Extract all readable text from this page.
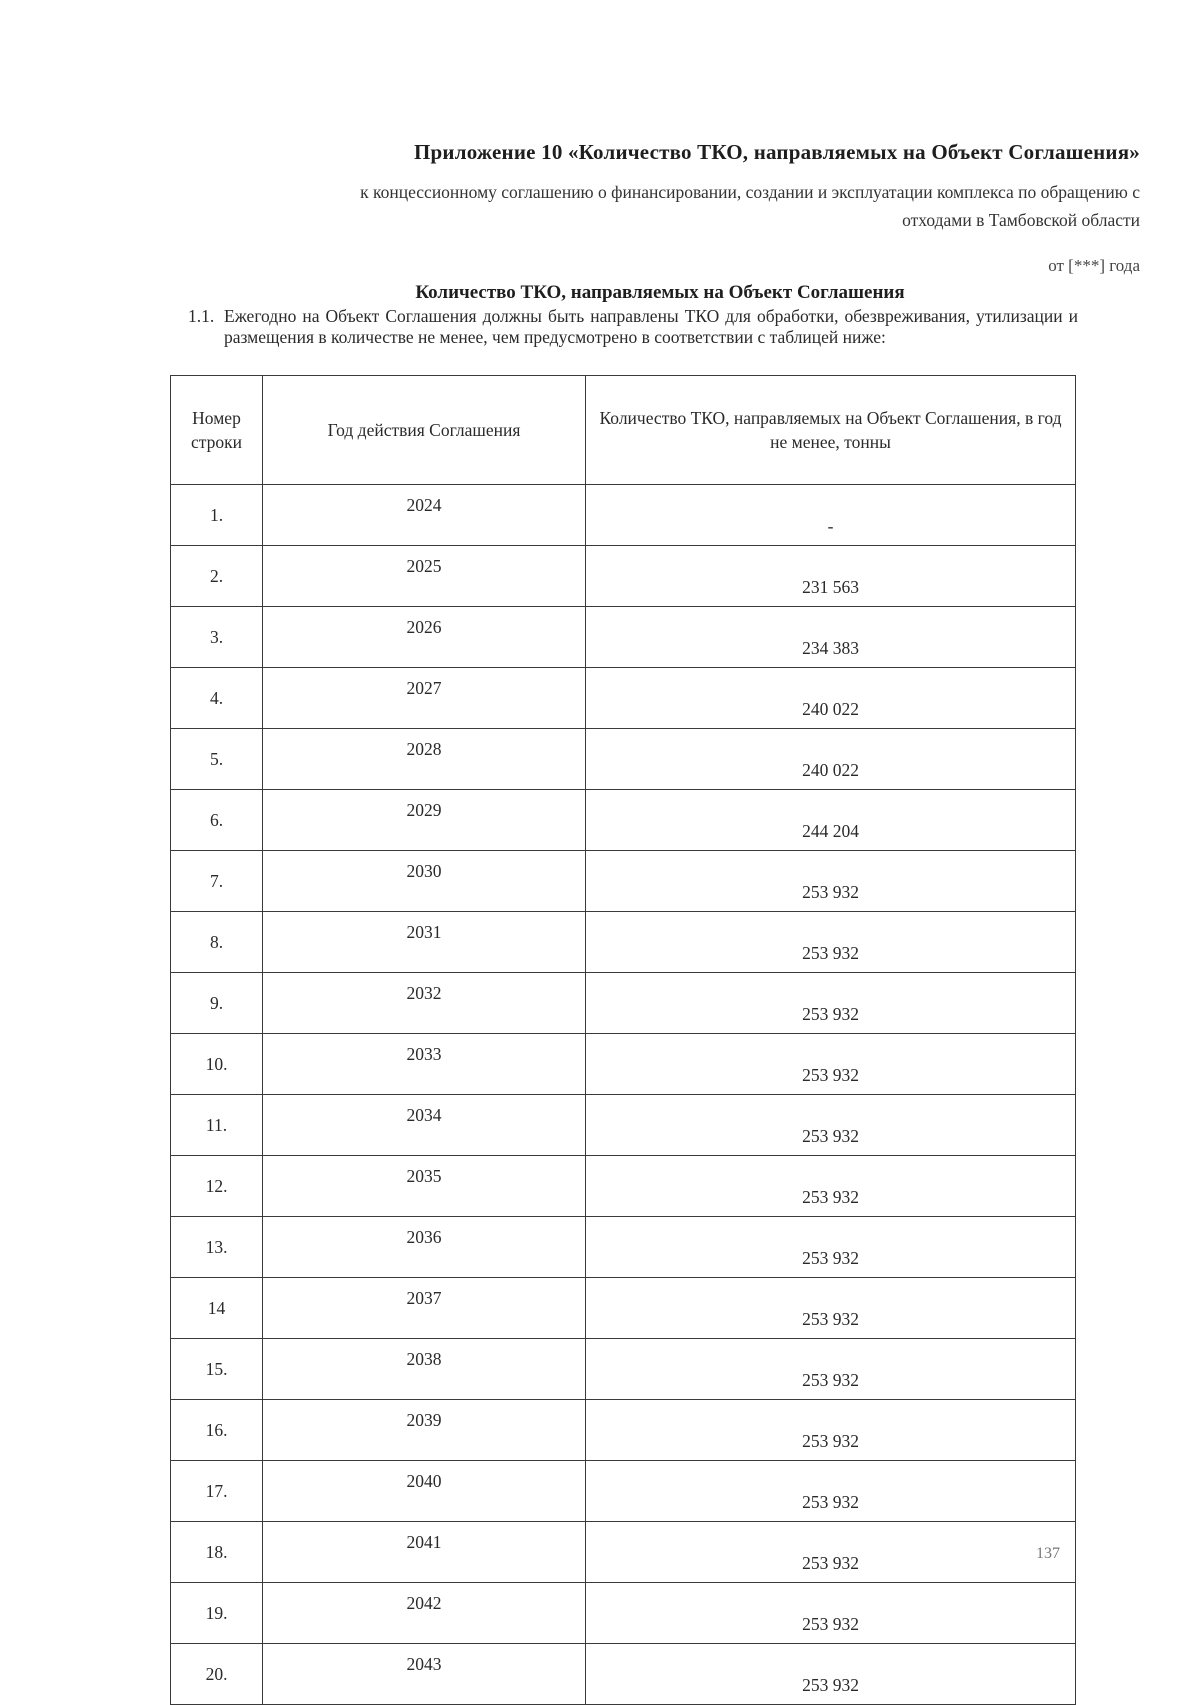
Приложение 10 «Количество ТКО, направляемых на Объект Соглашения»
к концессионному соглашению о финансировании, создании и эксплуатации комплекса по обращению с
отходами в Тамбовской области
от [***] года
Количество ТКО, направляемых на Объект Соглашения
1.1. Ежегодно на Объект Соглашения должны быть направлены ТКО для обработки, обезвреживания, утилизации и размещения в количестве не менее, чем предусмотрено в соответствии с таблицей ниже:
Номер строки	Год действия Соглашения	Количество ТКО, направляемых на Объект Соглашения, в год не менее, тонны
1.	2024	-
2.	2025	231 563
3.	2026	234 383
4.	2027	240 022
5.	2028	240 022
6.	2029	244 204
7.	2030	253 932
8.	2031	253 932
9.	2032	253 932
10.	2033	253 932
11.	2034	253 932
12.	2035	253 932
13.	2036	253 932
14	2037	253 932
15.	2038	253 932
16.	2039	253 932
17.	2040	253 932
18.	2041	253 932
19.	2042	253 932
20.	2043	253 932
137
